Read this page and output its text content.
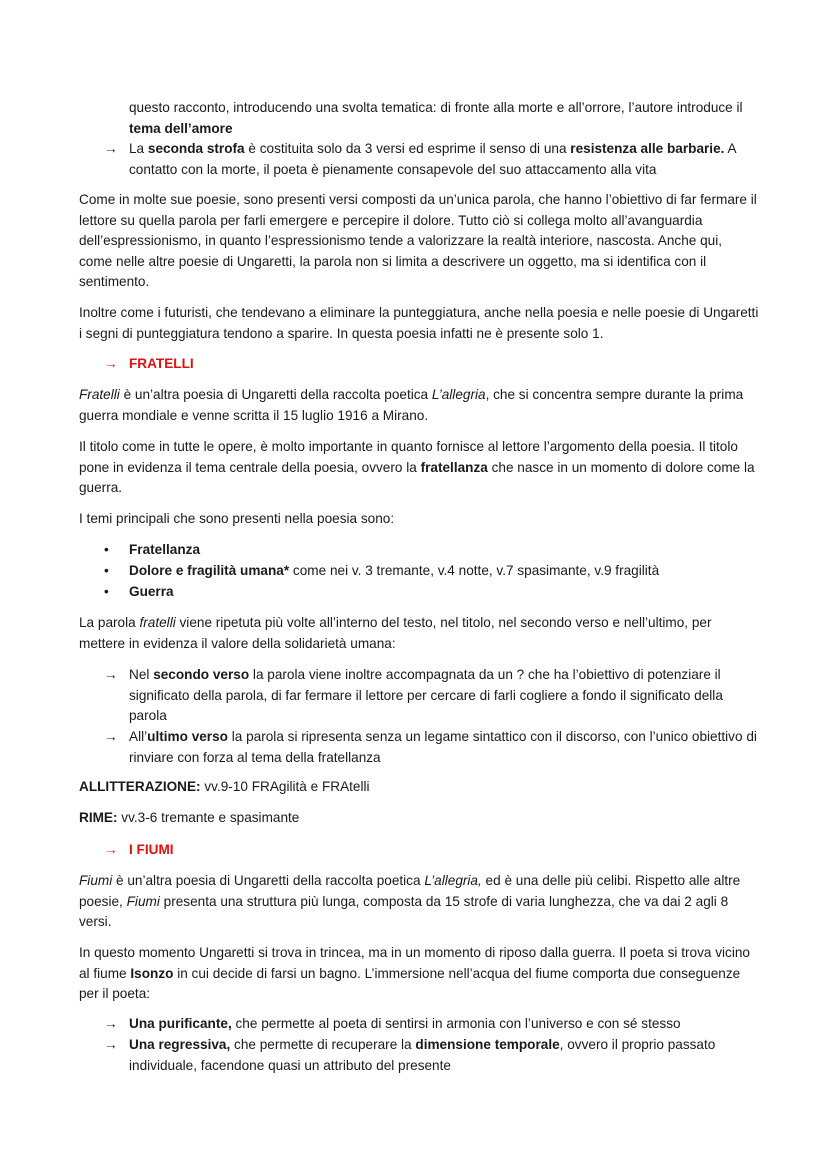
questo racconto, introducendo una svolta tematica: di fronte alla morte e all’orrore, l’autore introduce il tema dell’amore

→ La seconda strofa è costituita solo da 3 versi ed esprime il senso di una resistenza alle barbarie. A contatto con la morte, il poeta è pienamente consapevole del suo attaccamento alla vita

Come in molte sue poesie, sono presenti versi composti da un’unica parola, che hanno l’obiettivo di far fermare il lettore su quella parola per farli emergere e percepire il dolore. Tutto ciò si collega molto all’avanguardia dell’espressionismo, in quanto l’espressionismo tende a valorizzare la realtà interiore, nascosta. Anche qui, come nelle altre poesie di Ungaretti, la parola non si limita a descrivere un oggetto, ma si identifica con il sentimento.

Inoltre come i futuristi, che tendevano a eliminare la punteggiatura, anche nella poesia e nelle poesie di Ungaretti i segni di punteggiatura tendono a sparire. In questa poesia infatti ne è presente solo 1.

→ FRATELLI

Fratelli è un’altra poesia di Ungaretti della raccolta poetica L’allegria, che si concentra sempre durante la prima guerra mondiale e venne scritta il 15 luglio 1916 a Mirano.

Il titolo come in tutte le opere, è molto importante in quanto fornisce al lettore l’argomento della poesia. Il titolo pone in evidenza il tema centrale della poesia, ovvero la fratellanza che nasce in un momento di dolore come la guerra.

I temi principali che sono presenti nella poesia sono:

• Fratellanza
• Dolore e fragilità umana* come nei v. 3 tremante, v.4 notte, v.7 spasimante, v.9 fragilità
• Guerra

La parola fratelli viene ripetuta più volte all’interno del testo, nel titolo, nel secondo verso e nell’ultimo, per mettere in evidenza il valore della solidarietà umana:

→ Nel secondo verso la parola viene inoltre accompagnata da un ? che ha l’obiettivo di potenziare il significato della parola, di far fermare il lettore per cercare di farli cogliere a fondo il significato della parola
→ All’ultimo verso la parola si ripresenta senza un legame sintattico con il discorso, con l’unico obiettivo di rinviare con forza al tema della fratellanza

ALLITTERAZIONE: vv.9-10 FRAgilità e FRAtelli

RIME: vv.3-6 tremante e spasimante

→ I FIUMI

Fiumi è un’altra poesia di Ungaretti della raccolta poetica L’allegria, ed è una delle più celibi. Rispetto alle altre poesie, Fiumi presenta una struttura più lunga, composta da 15 strofe di varia lunghezza, che va dai 2 agli 8 versi.

In questo momento Ungaretti si trova in trincea, ma in un momento di riposo dalla guerra. Il poeta si trova vicino al fiume Isonzo in cui decide di farsi un bagno. L’immersione nell’acqua del fiume comporta due conseguenze per il poeta:

→ Una purificante, che permette al poeta di sentirsi in armonia con l’universo e con sé stesso
→ Una regressiva, che permette di recuperare la dimensione temporale, ovvero il proprio passato individuale, facendone quasi un attributo del presente
